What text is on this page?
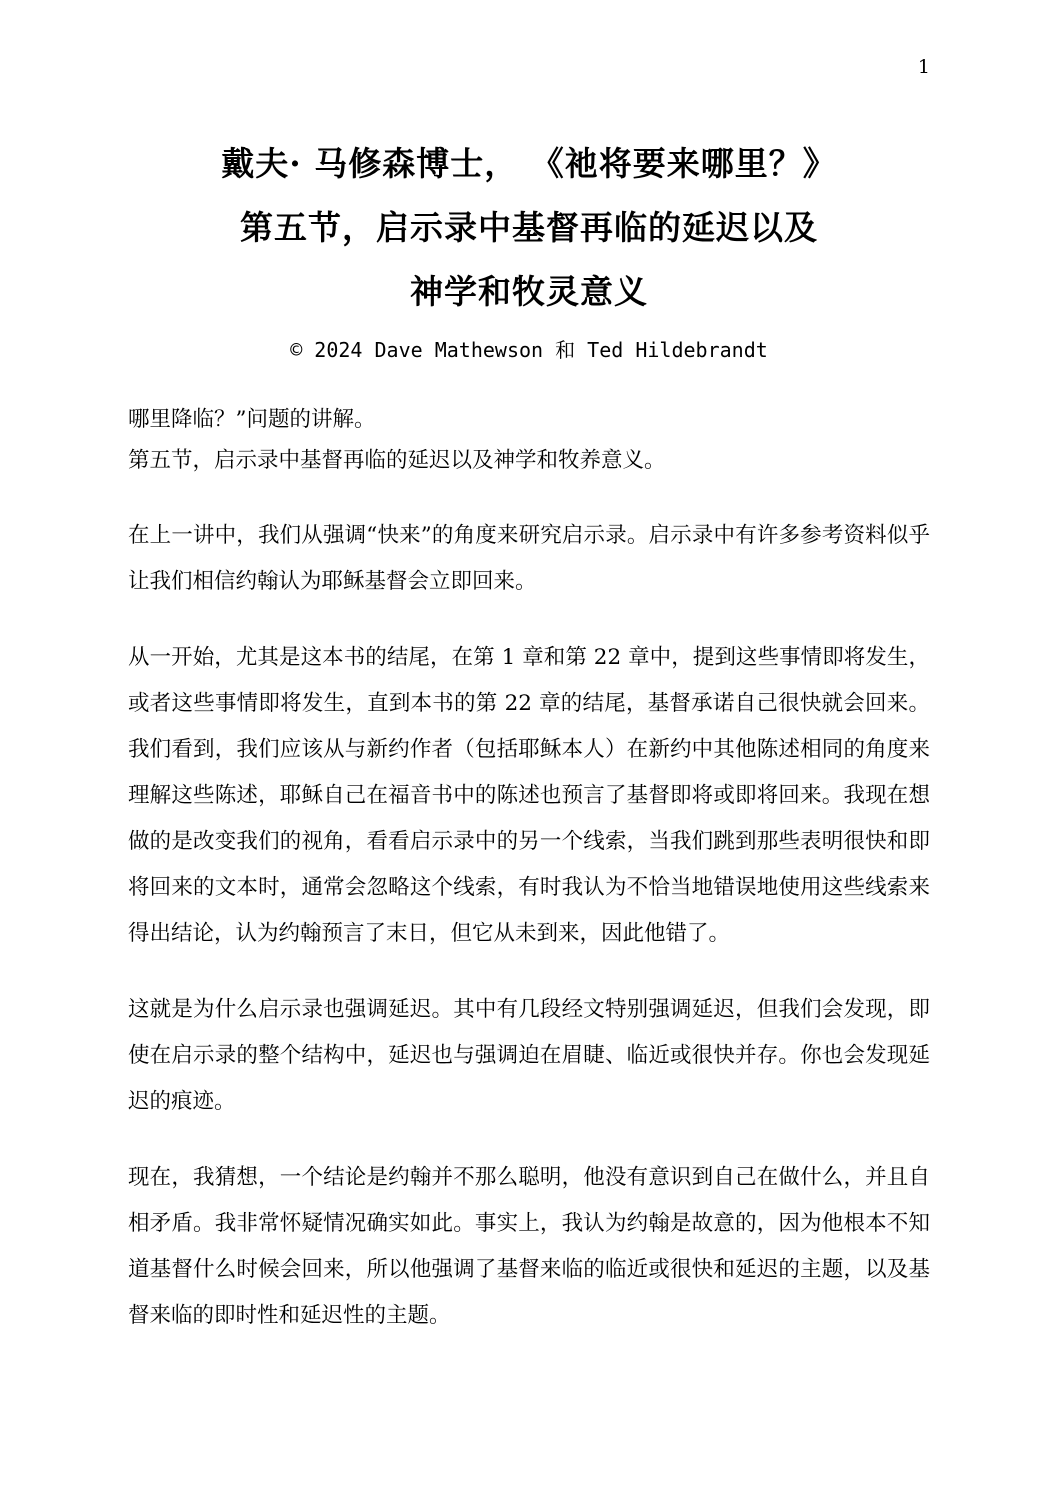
1
戴夫· 马修森博士， 《祂将要来哪里？》
第五节，启示录中基督再临的延迟以及
神学和牧灵意义
© 2024 Dave Mathewson 和 Ted Hildebrandt

哪里降临？”问题的讲解。

第五节，启示录中基督再临的延迟以及神学和牧养意义。

在上一讲中，我们从强调“快来”的角度来研究启示录。启示录中有许多参考资料似乎让我们相信约翰认为耶稣基督会立即回来。

从一开始，尤其是这本书的结尾，在第 1 章和第 22 章中，提到这些事情即将发生，或者这些事情即将发生，直到本书的第 22 章的结尾，基督承诺自己很快就会回来。我们看到，我们应该从与新约作者（包括耶稣本人）在新约中其他陈述相同的角度来理解这些陈述，耶稣自己在福音书中的陈述也预言了基督即将或即将回来。我现在想做的是改变我们的视角，看看启示录中的另一个线索，当我们跳到那些表明很快和即将回来的文本时，通常会忽略这个线索，有时我认为不恰当地错误地使用这些线索来得出结论，认为约翰预言了末日，但它从未到来，因此他错了。

这就是为什么启示录也强调延迟。其中有几段经文特别强调延迟，但我们会发现，即使在启示录的整个结构中，延迟也与强调迫在眉睫、临近或很快并存。你也会发现延迟的痕迹。

现在，我猜想，一个结论是约翰并不那么聪明，他没有意识到自己在做什么，并且自相矛盾。我非常怀疑情况确实如此。事实上，我认为约翰是故意的，因为他根本不知道基督什么时候会回来，所以他强调了基督来临的临近或很快和延迟的主题，以及基督来临的即时性和延迟性的主题。
